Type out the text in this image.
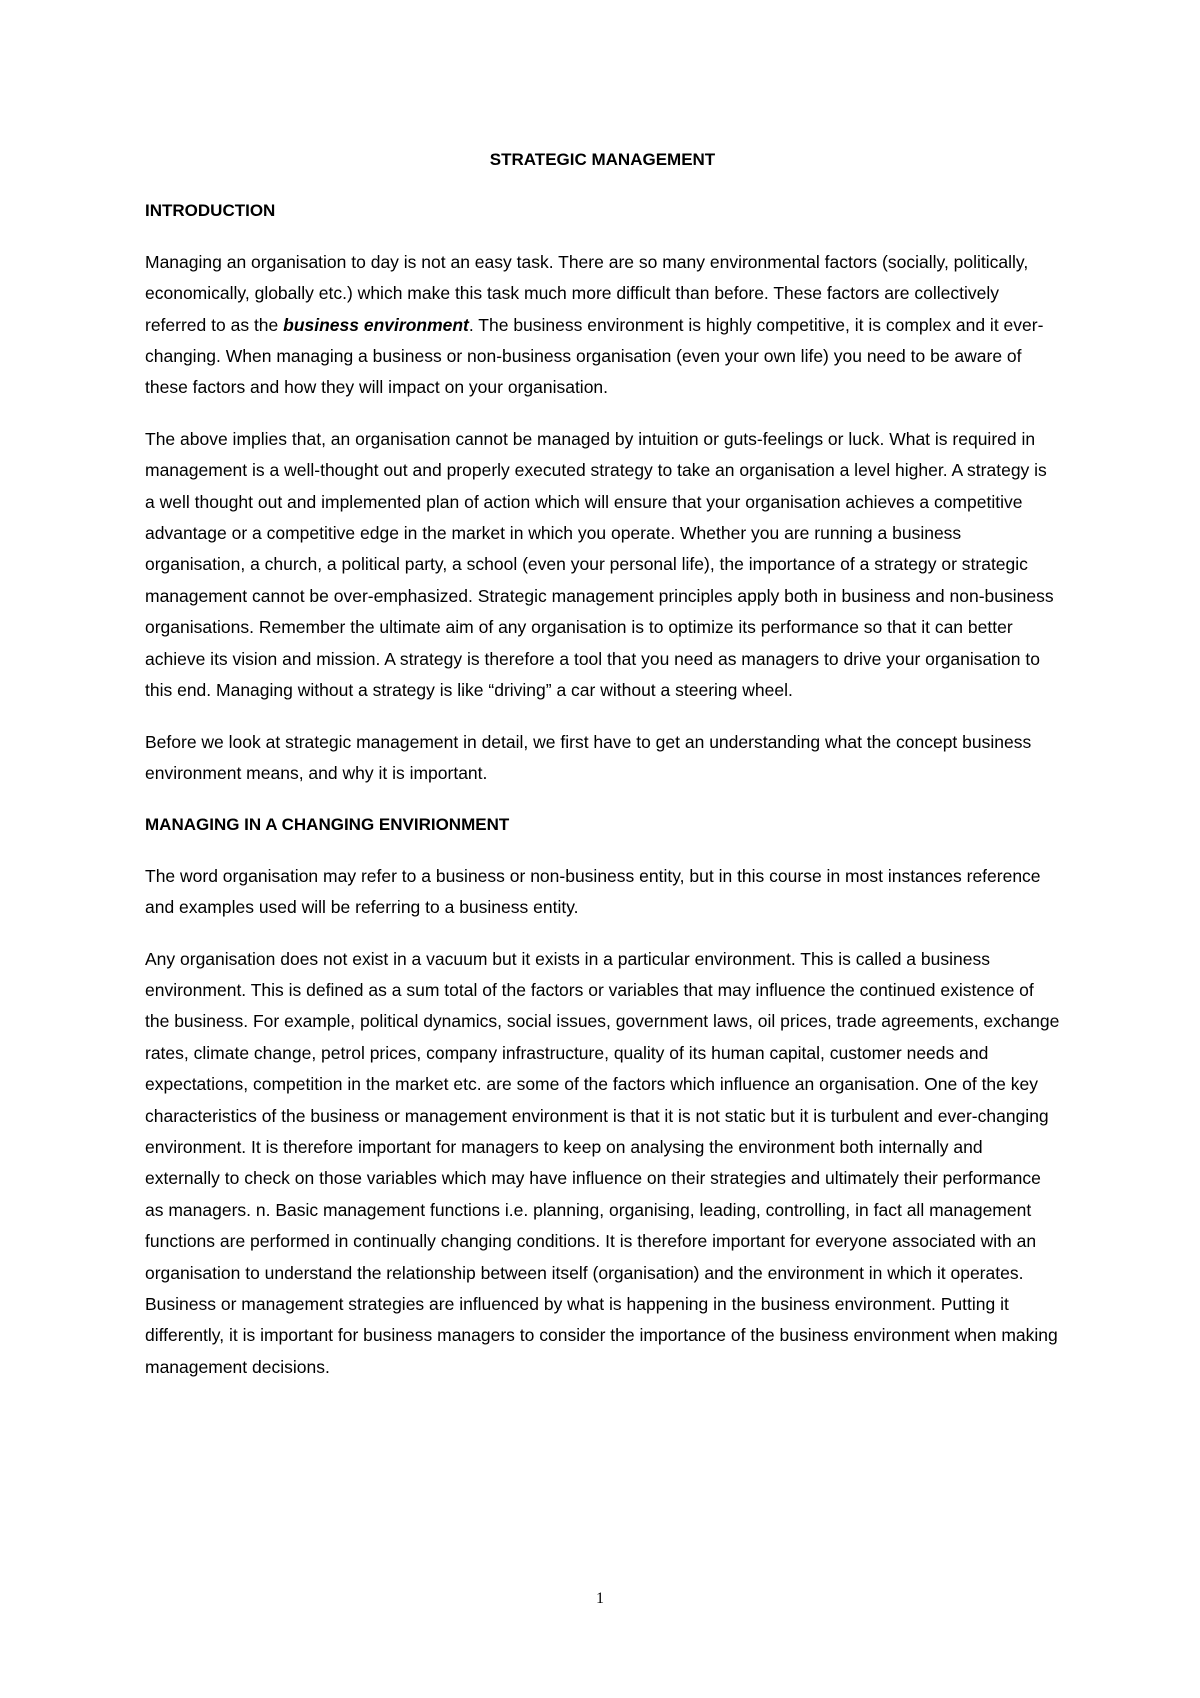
STRATEGIC MANAGEMENT
INTRODUCTION

Managing an organisation to day is not an easy task. There are so many environmental factors (socially, politically, economically, globally etc.) which make this task much more difficult than before. These factors are collectively referred to as the business environment. The business environment is highly competitive, it is complex and it ever-changing. When managing a business or non-business organisation (even your own life) you need to be aware of these factors and how they will impact on your organisation.

The above implies that, an organisation cannot be managed by intuition or guts-feelings or luck. What is required in management is a well-thought out and properly executed strategy to take an organisation a level higher. A strategy is a well thought out and implemented plan of action which will ensure that your organisation achieves a competitive advantage or a competitive edge in the market in which you operate. Whether you are running a business organisation, a church, a political party, a school (even your personal life), the importance of a strategy or strategic management cannot be over-emphasized. Strategic management principles apply both in business and non-business organisations. Remember the ultimate aim of any organisation is to optimize its performance so that it can better achieve its vision and mission. A strategy is therefore a tool that you need as managers to drive your organisation to this end. Managing without a strategy is like “driving” a car without a steering wheel.

Before we look at strategic management in detail, we first have to get an understanding what the concept business environment means, and why it is important.

MANAGING IN A CHANGING ENVIRIONMENT

The word organisation may refer to a business or non-business entity, but in this course in most instances reference and examples used will be referring to a business entity.

Any organisation does not exist in a vacuum but it exists in a particular environment. This is called a business environment. This is defined as a sum total of the factors or variables that may influence the continued existence of the business. For example, political dynamics, social issues, government laws, oil prices, trade agreements, exchange rates, climate change, petrol prices, company infrastructure, quality of its human capital, customer needs and expectations, competition in the market etc. are some of the factors which influence an organisation. One of the key characteristics of the business or management environment is that it is not static but it is turbulent and ever-changing environment. It is therefore important for managers to keep on analysing the environment both internally and externally to check on those variables which may have influence on their strategies and ultimately their performance as managers. n. Basic management functions i.e. planning, organising, leading, controlling, in fact all management functions are performed in continually changing conditions. It is therefore important for everyone associated with an organisation to understand the relationship between itself (organisation) and the environment in which it operates. Business or management strategies are influenced by what is happening in the business environment. Putting it differently, it is important for business managers to consider the importance of the business environment when making management decisions.

1
